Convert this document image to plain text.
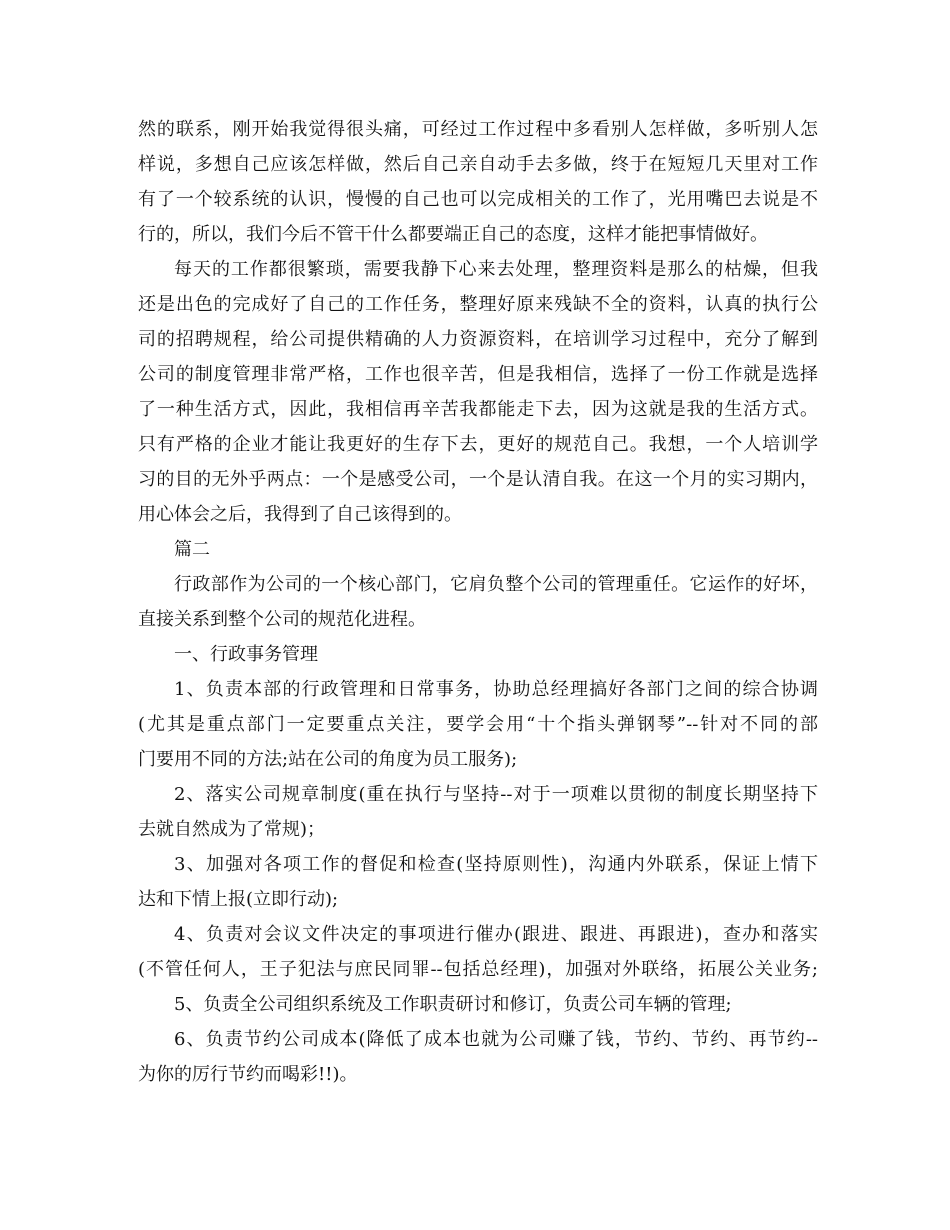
然的联系，刚开始我觉得很头痛，可经过工作过程中多看别人怎样做，多听别人怎
样说，多想自己应该怎样做，然后自己亲自动手去多做，终于在短短几天里对工作
有了一个较系统的认识，慢慢的自己也可以完成相关的工作了，光用嘴巴去说是不
行的，所以，我们今后不管干什么都要端正自己的态度，这样才能把事情做好。
每天的工作都很繁琐，需要我静下心来去处理，整理资料是那么的枯燥，但我
还是出色的完成好了自己的工作任务，整理好原来残缺不全的资料，认真的执行公
司的招聘规程，给公司提供精确的人力资源资料，在培训学习过程中，充分了解到
公司的制度管理非常严格，工作也很辛苦，但是我相信，选择了一份工作就是选择
了一种生活方式，因此，我相信再辛苦我都能走下去，因为这就是我的生活方式。
只有严格的企业才能让我更好的生存下去，更好的规范自己。我想，一个人培训学
习的目的无外乎两点：一个是感受公司，一个是认清自我。在这一个月的实习期内，
用心体会之后，我得到了自己该得到的。
篇二
行政部作为公司的一个核心部门，它肩负整个公司的管理重任。它运作的好坏，
直接关系到整个公司的规范化进程。
一、行政事务管理
1、负责本部的行政管理和日常事务，协助总经理搞好各部门之间的综合协调
(尤其是重点部门一定要重点关注，要学会用“十个指头弹钢琴”--针对不同的部
门要用不同的方法;站在公司的角度为员工服务);
2、落实公司规章制度(重在执行与坚持--对于一项难以贯彻的制度长期坚持下
去就自然成为了常规)；
3、加强对各项工作的督促和检查(坚持原则性)，沟通内外联系，保证上情下
达和下情上报(立即行动);
4、负责对会议文件决定的事项进行催办(跟进、跟进、再跟进)，查办和落实
(不管任何人，王子犯法与庶民同罪--包括总经理)，加强对外联络，拓展公关业务;
5、负责全公司组织系统及工作职责研讨和修订，负责公司车辆的管理;
6、负责节约公司成本(降低了成本也就为公司赚了钱，节约、节约、再节约--
为你的厉行节约而喝彩!!)。
